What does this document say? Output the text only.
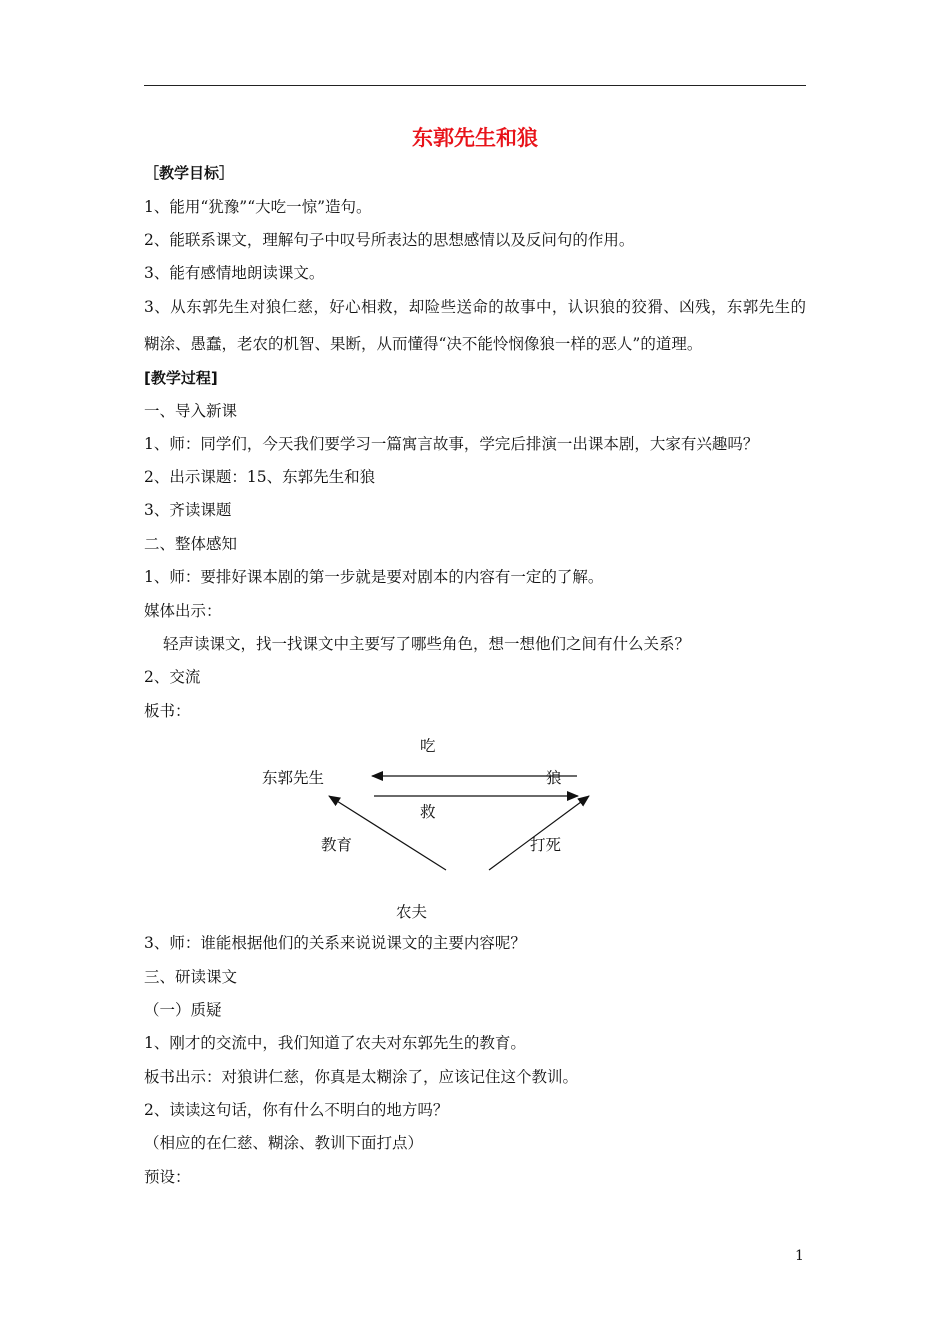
东郭先生和狼
［教学目标］
1、能用“犹豫”“大吃一惊”造句。
2、能联系课文，理解句子中叹号所表达的思想感情以及反问句的作用。
3、能有感情地朗读课文。
3、从东郭先生对狼仁慈，好心相救，却险些送命的故事中，认识狼的狡猾、凶残，东郭先生的
糊涂、愚蠢，老农的机智、果断，从而懂得“决不能怜悯像狼一样的恶人”的道理。
[教学过程]
一、导入新课
1、师：同学们，今天我们要学习一篇寓言故事，学完后排演一出课本剧，大家有兴趣吗？
2、出示课题：15、东郭先生和狼
3、齐读课题
二、整体感知
1、师：要排好课本剧的第一步就是要对剧本的内容有一定的了解。
媒体出示：
轻声读课文，找一找课文中主要写了哪些角色，想一想他们之间有什么关系？
2、交流
板书：
吃
东郭先生	狼
救
教育	打死
农夫
3、师：谁能根据他们的关系来说说课文的主要内容呢？
三、研读课文
（一）质疑
1、刚才的交流中，我们知道了农夫对东郭先生的教育。
板书出示：对狼讲仁慈，你真是太糊涂了，应该记住这个教训。
2、读读这句话，你有什么不明白的地方吗？
（相应的在仁慈、糊涂、教训下面打点）
预设：
1
